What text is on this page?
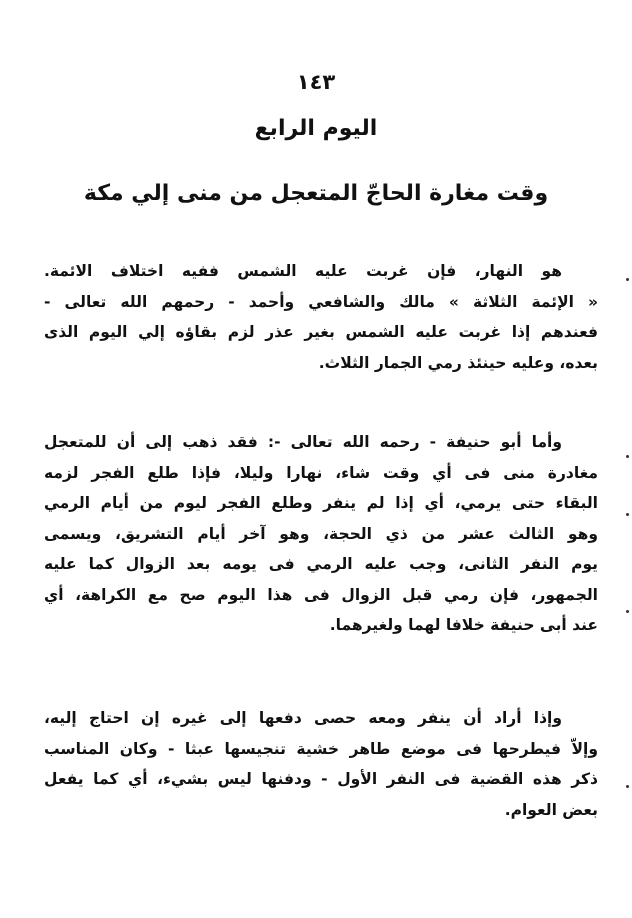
١٤٣
اليوم الرابع
وقت مغارة الحاجّ المتعجل من منى إلي مكة
هو النهار، فإن غربت عليه الشمس ففيه اختلاف الائمة.
« الإئمة الثلاثة » مالك والشافعي وأحمد - رحمهم الله تعالى -
فعندهم إذا غربت عليه الشمس بغير عذر لزم بقاؤه إلي اليوم الذى
بعده، وعليه حينئذ رمي الجمار الثلاث.
وأما أبو حنيفة - رحمه الله تعالى -: فقد ذهب إلى أن للمتعجل
مغادرة منى فى أي وقت شاء، نهارا وليلا، فإذا طلع الفجر لزمه
البقاء حتى يرمي، أي إذا لم ينفر وطلع الفجر ليوم من أيام الرمي
وهو الثالث عشر من ذي الحجة، وهو آخر أيام التشريق، ويسمى
يوم النفر الثانى، وجب عليه الرمي فى يومه بعد الزوال كما عليه
الجمهور، فإن رمي قبل الزوال فى هذا اليوم صح مع الكراهة، أي
عند أبى حنيفة خلافا لهما ولغيرهما.
وإذا أراد أن ينفر ومعه حصى دفعها إلى غيره إن احتاج إليه،
وإلاّ فيطرحها فى موضع طاهر خشية تنجيسها عبثا - وكان المناسب
ذكر هذه القضية فى النفر الأول - ودفنها ليس بشيء، أي كما يفعل
بعض العوام.
